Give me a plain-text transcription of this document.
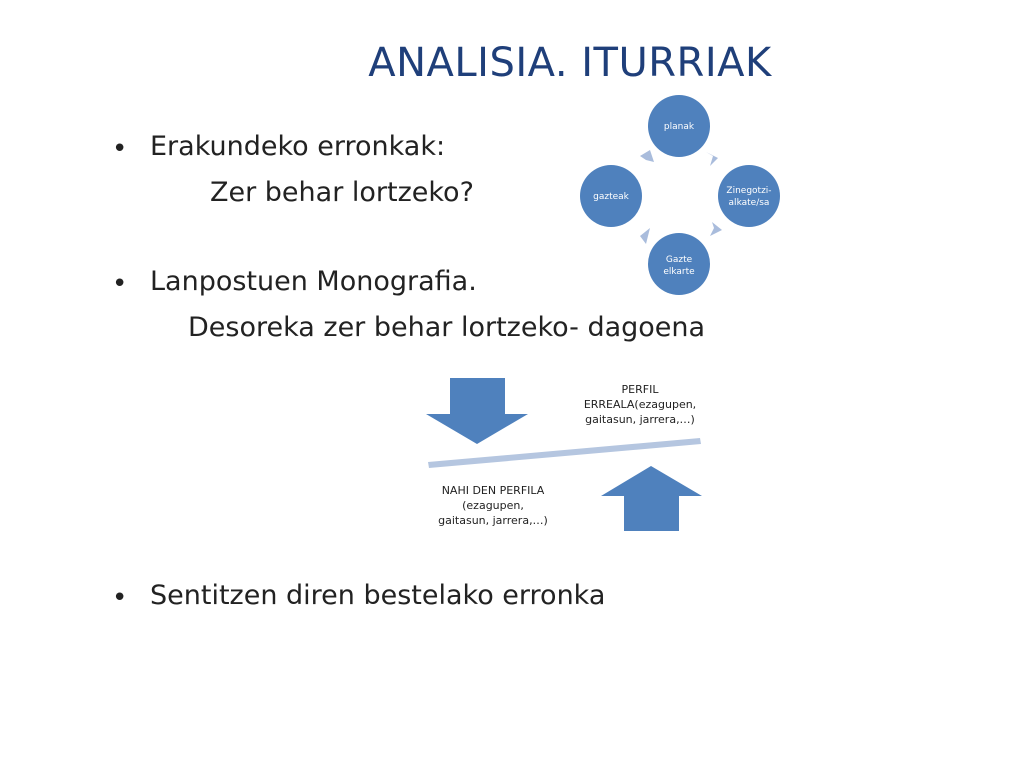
ANALISIA. ITURRIAK
• Erakundeko erronkak:
Zer behar lortzeko?
• Lanpostuen Monografia.
Desoreka zer behar lortzeko- dagoena
• Sentitzen diren bestelako erronka
planak
Zinegotzi-
alkate/sa
Gazte
elkarte
gazteak
PERFIL
ERREALA(ezagupen,
gaitasun, jarrera,…)
NAHI DEN PERFILA
(ezagupen,
gaitasun, jarrera,…)
